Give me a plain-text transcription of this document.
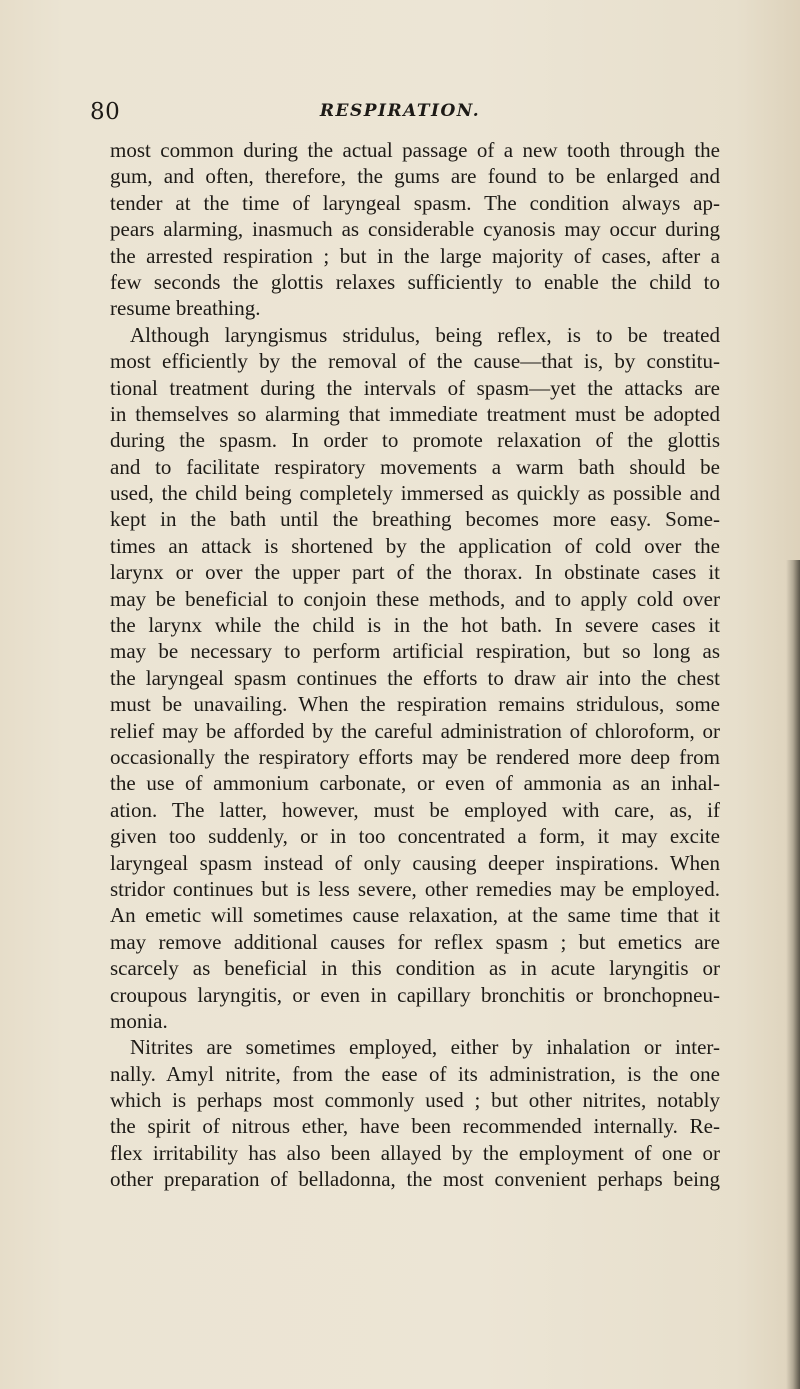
80	RESPIRATION.
most common during the actual passage of a new tooth through the
gum, and often, therefore, the gums are found to be enlarged and
tender at the time of laryngeal spasm. The condition always ap-
pears alarming, inasmuch as considerable cyanosis may occur during
the arrested respiration ; but in the large majority of cases, after a
few seconds the glottis relaxes sufficiently to enable the child to
resume breathing.
Although laryngismus stridulus, being reflex, is to be treated
most efficiently by the removal of the cause—that is, by constitu-
tional treatment during the intervals of spasm—yet the attacks are
in themselves so alarming that immediate treatment must be adopted
during the spasm. In order to promote relaxation of the glottis
and to facilitate respiratory movements a warm bath should be
used, the child being completely immersed as quickly as possible and
kept in the bath until the breathing becomes more easy. Some-
times an attack is shortened by the application of cold over the
larynx or over the upper part of the thorax. In obstinate cases it
may be beneficial to conjoin these methods, and to apply cold over
the larynx while the child is in the hot bath. In severe cases it
may be necessary to perform artificial respiration, but so long as
the laryngeal spasm continues the efforts to draw air into the chest
must be unavailing. When the respiration remains stridulous, some
relief may be afforded by the careful administration of chloroform, or
occasionally the respiratory efforts may be rendered more deep from
the use of ammonium carbonate, or even of ammonia as an inhal-
ation. The latter, however, must be employed with care, as, if
given too suddenly, or in too concentrated a form, it may excite
laryngeal spasm instead of only causing deeper inspirations. When
stridor continues but is less severe, other remedies may be employed.
An emetic will sometimes cause relaxation, at the same time that it
may remove additional causes for reflex spasm ; but emetics are
scarcely as beneficial in this condition as in acute laryngitis or
croupous laryngitis, or even in capillary bronchitis or bronchopneu-
monia.
Nitrites are sometimes employed, either by inhalation or inter-
nally. Amyl nitrite, from the ease of its administration, is the one
which is perhaps most commonly used ; but other nitrites, notably
the spirit of nitrous ether, have been recommended internally. Re-
flex irritability has also been allayed by the employment of one or
other preparation of belladonna, the most convenient perhaps being
